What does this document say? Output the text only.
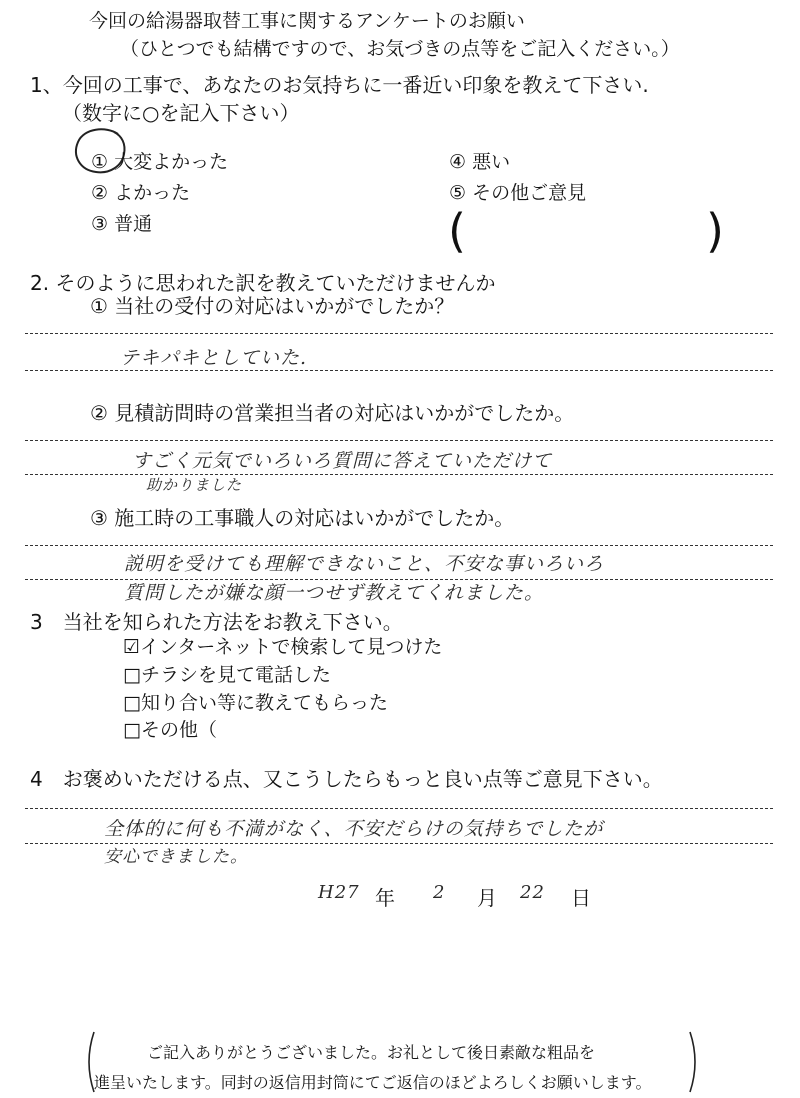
今回の給湯器取替工事に関するアンケートのお願い
（ひとつでも結構ですので、お気づきの点等をご記入ください。）
1、今回の工事で、あなたのお気持ちに一番近い印象を教えて下さい.
（数字に○を記入下さい）
① 大変よかった
② よかった
③ 普通
④ 悪い
⑤ その他ご意見
(	)
2. そのように思われた訳を教えていただけませんか
① 当社の受付の対応はいかがでしたか？
テキパキとしていた.
② 見積訪問時の営業担当者の対応はいかがでしたか。
すごく元気でいろいろ質問に答えていただけて
助かりました
③ 施工時の工事職人の対応はいかがでしたか。
説明を受けても理解できないこと、不安な事いろいろ
質問したが嫌な顔一つせず教えてくれました。
3　当社を知られた方法をお教え下さい。
☑インターネットで検索して見つけた
□チラシを見て電話した
□知り合い等に教えてもらった
□その他（
4　お褒めいただける点、又こうしたらもっと良い点等ご意見下さい。
全体的に何も不満がなく、不安だらけの気持ちでしたが
安心できました。
H27 年 2 月 22 日
ご記入ありがとうございました。お礼として後日素敵な粗品を
進呈いたします。同封の返信用封筒にてご返信のほどよろしくお願いします。
